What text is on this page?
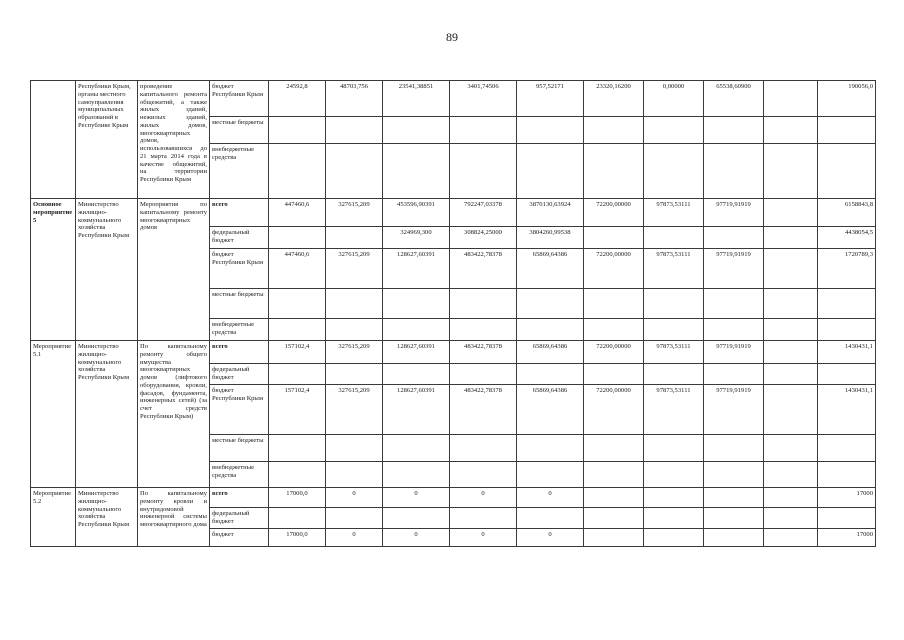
89
	Республики Крым, органы местного самоуправления муниципальных образований в Республике Крым	проведение капитального ремонта общежитий, а также жилых зданий, нежилых зданий, жилых домов, многоквартирных домов, использовавшихся до 21 марта 2014 года в качестве общежитий, на территории Республики Крым	бюджет Республики Крым	24592,8	48703,756	23541,38851	3401,74506	957,52171	23320,16200	0,00000	65538,60900		190056,0
			местные бюджеты										
			внебюджетные средства										
Основное мероприятие 5	Министерство жилищно-коммунального хозяйства Республики Крым	Мероприятия по капитальному ремонту многоквартирных домов	всего	447460,6	327615,209	453596,90391	792247,03378	3870130,63924	72200,00000	97873,53111	97719,91919		6158843,8
			федеральный бюджет			324969,300	308824,25000	3804260,99538					4438054,5
			бюджет Республики Крым	447460,6	327615,209	128627,60391	483422,78378	65869,64386	72200,00000	97873,53111	97719,91919		1720789,3
			местные бюджеты										
			внебюджетные средства										
Мероприятие 5.1	Министерство жилищно-коммунального хозяйства Республики Крым	По капитальному ремонту общего имущества многоквартирных домов (лифтового оборудования, кровли, фасадов, фундамента, инженерных сетей) (за счет средств Республики Крым)	всего	157102,4	327615,209	128627,60391	483422,78378	65869,64386	72200,00000	97873,53111	97719,91919		1430431,1
			федеральный бюджет										
			бюджет Республики Крым	157102,4	327615,209	128627,60391	483422,78378	65869,64386	72200,00000	97873,53111	97719,91919		1430431,1
			местные бюджеты										
			внебюджетные средства										
Мероприятие 5.2	Министерство жилищно-коммунального хозяйства Республики Крым	По капитальному ремонту кровли и внутридомовой инженерной системы многоквартирного дома	всего	17000,0	0	0	0	0					17000
			федеральный бюджет										
			бюджет	17000,0	0	0	0	0					17000
